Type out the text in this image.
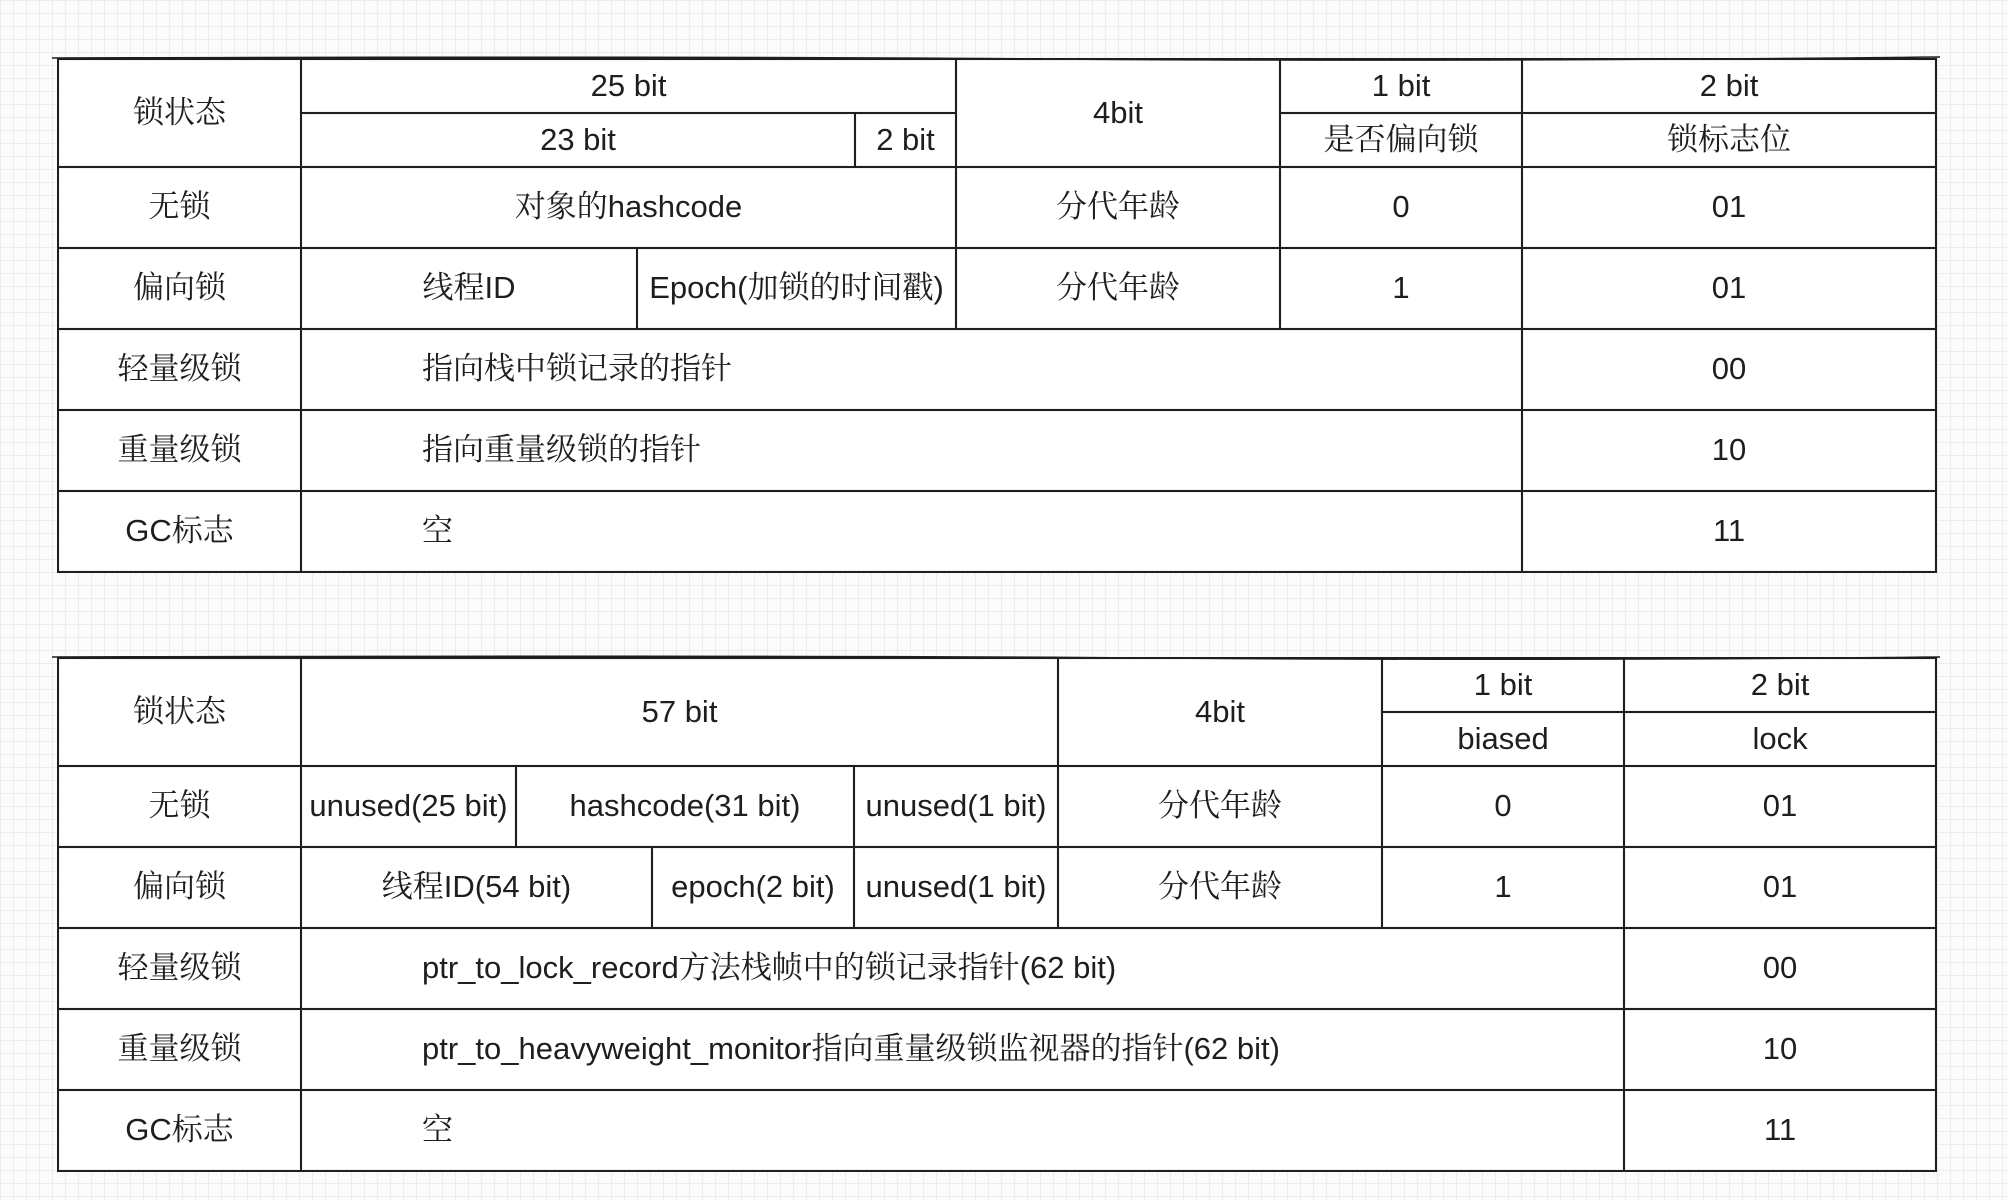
锁状态	25 bit			4bit	1 bit	2 bit
	23 bit		2 bit		是否偏向锁	锁标志位
无锁	对象的hashcode			分代年龄	0	01
偏向锁	线程ID	Epoch(加锁的时间戳)		分代年龄	1	01
轻量级锁	指向栈中锁记录的指针					00
重量级锁	指向重量级锁的指针					10
GC标志	空					11
锁状态	57 bit				4bit	1 bit	2 bit
						biased	lock
无锁	unused(25 bit)	hashcode(31 bit)		unused(1 bit)	分代年龄	0	01
偏向锁	线程ID(54 bit)		epoch(2 bit)	unused(1 bit)	分代年龄	1	01
轻量级锁	ptr_to_lock_record方法栈帧中的锁记录指针(62 bit)						00
重量级锁	ptr_to_heavyweight_monitor指向重量级锁监视器的指针(62 bit)						10
GC标志	空						11
